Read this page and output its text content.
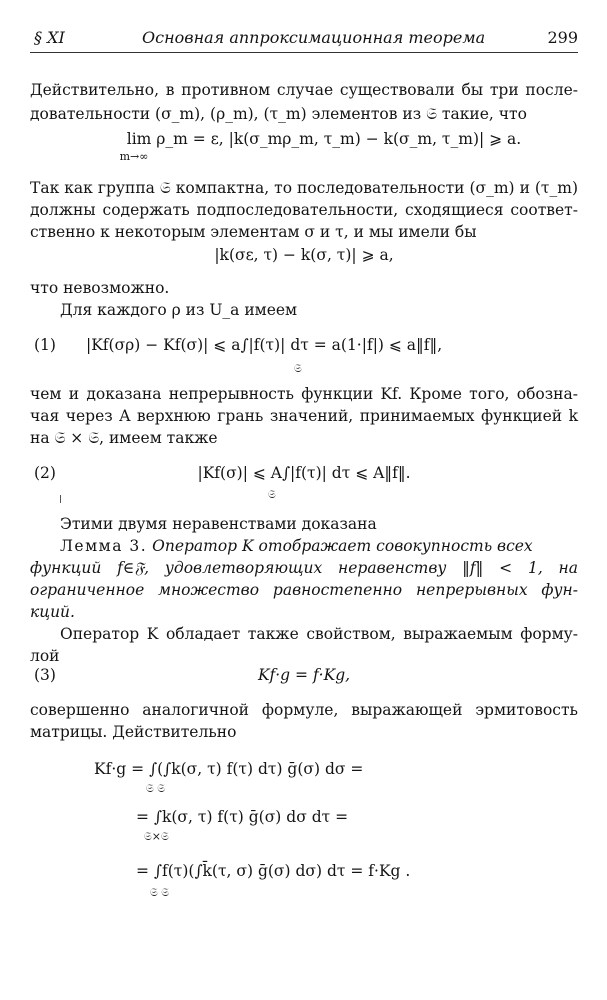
§ XI	Основная аппроксимационная теорема	299
Действительно, в противном случае существовали бы три после-
довательности (σ_m), (ρ_m), (τ_m) элементов из 𝔖 такие, что
lim ρ_m = ε, |k(σ_mρ_m, τ_m) − k(σ_m, τ_m)| ⩾ a.
m→∞
Так как группа 𝔖 компактна, то последовательности (σ_m) и (τ_m)
должны содержать подпоследовательности, сходящиеся соответ-
ственно к некоторым элементам σ и τ, и мы имели бы
|k(σε, τ) − k(σ, τ)| ⩾ a,
что невозможно.
Для каждого ρ из U_a имеем
(1) |Kf(σρ) − Kf(σ)| ⩽ a∫|f(τ)| dτ = a(1·|f|) ⩽ a‖f‖,
𝔖
чем и доказана непрерывность функции Kf. Кроме того, обозна-
чая через A верхнюю грань значений, принимаемых функцией k
на 𝔖 × 𝔖, имеем также
(2)	|Kf(σ)| ⩽ A∫|f(τ)| dτ ⩽ A‖f‖.
𝔖
Этими двумя неравенствами доказана
Лемма 3. Оператор K отображает совокупность всех
функций f∈𝔉, удовлетворяющих неравенству ‖f‖ < 1, на
ограниченное множество равностепенно непрерывных фун-
кций.
Оператор K обладает также свойством, выражаемым форму-
лой
(3)	Kf·g = f·Kg,
совершенно аналогичной формуле, выражающей эрмитовость
матрицы. Действительно
Kf·g = ∫(∫k(σ, τ) f(τ) dτ) ḡ(σ) dσ =
𝔖 𝔖
= ∫k(σ, τ) f(τ) ḡ(σ) dσ dτ =
𝔖×𝔖
= ∫f(τ)(∫k̄(τ, σ) ḡ(σ) dσ) dτ = f·Kg .
𝔖 𝔖
